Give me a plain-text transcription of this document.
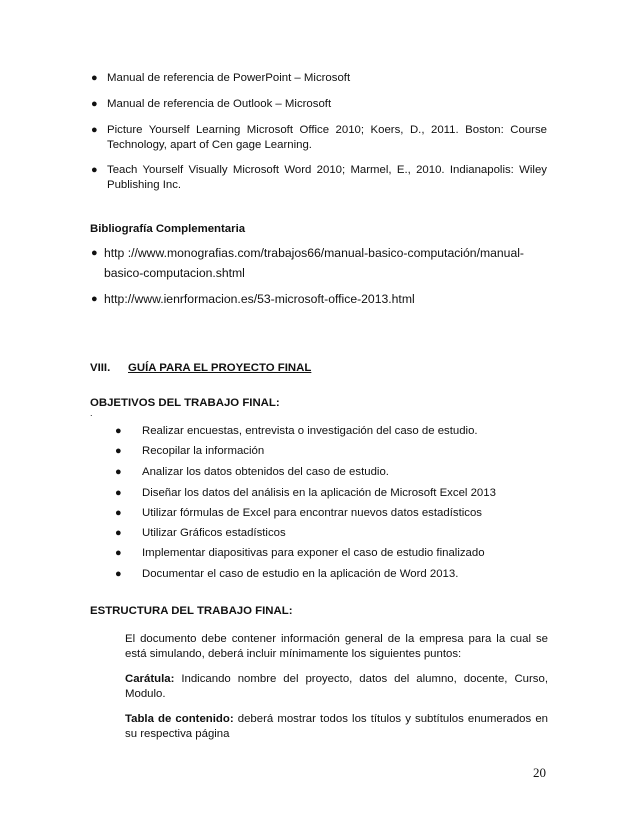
● Manual de referencia de PowerPoint – Microsoft
● Manual de referencia de Outlook – Microsoft
● Picture Yourself Learning Microsoft Office 2010; Koers, D., 2011. Boston: Course Technology, apart of Cen gage Learning.
● Teach Yourself Visually Microsoft Word 2010; Marmel, E., 2010. Indianapolis: Wiley Publishing Inc.
Bibliografía Complementaria
● http ://www.monografias.com/trabajos66/manual-basico-computación/manual-basico-computacion.shtml
● http://www.ienrformacion.es/53-microsoft-office-2013.html
VIII. GUÍA PARA EL PROYECTO FINAL
OBJETIVOS DEL TRABAJO FINAL:
.
● Realizar encuestas, entrevista o investigación del caso de estudio.
● Recopilar la información
● Analizar los datos obtenidos del caso de estudio.
● Diseñar los datos del análisis en la aplicación de Microsoft Excel 2013
● Utilizar fórmulas de Excel para encontrar nuevos datos estadísticos
● Utilizar Gráficos estadísticos
● Implementar diapositivas para exponer el caso de estudio finalizado
● Documentar el caso de estudio en la aplicación de Word 2013.
ESTRUCTURA DEL TRABAJO FINAL:
El documento debe contener información general de la empresa para la cual se está simulando, deberá incluir mínimamente los siguientes puntos:
Carátula: Indicando nombre del proyecto, datos del alumno, docente, Curso, Modulo.
Tabla de contenido: deberá mostrar todos los títulos y subtítulos enumerados en su respectiva página
20
